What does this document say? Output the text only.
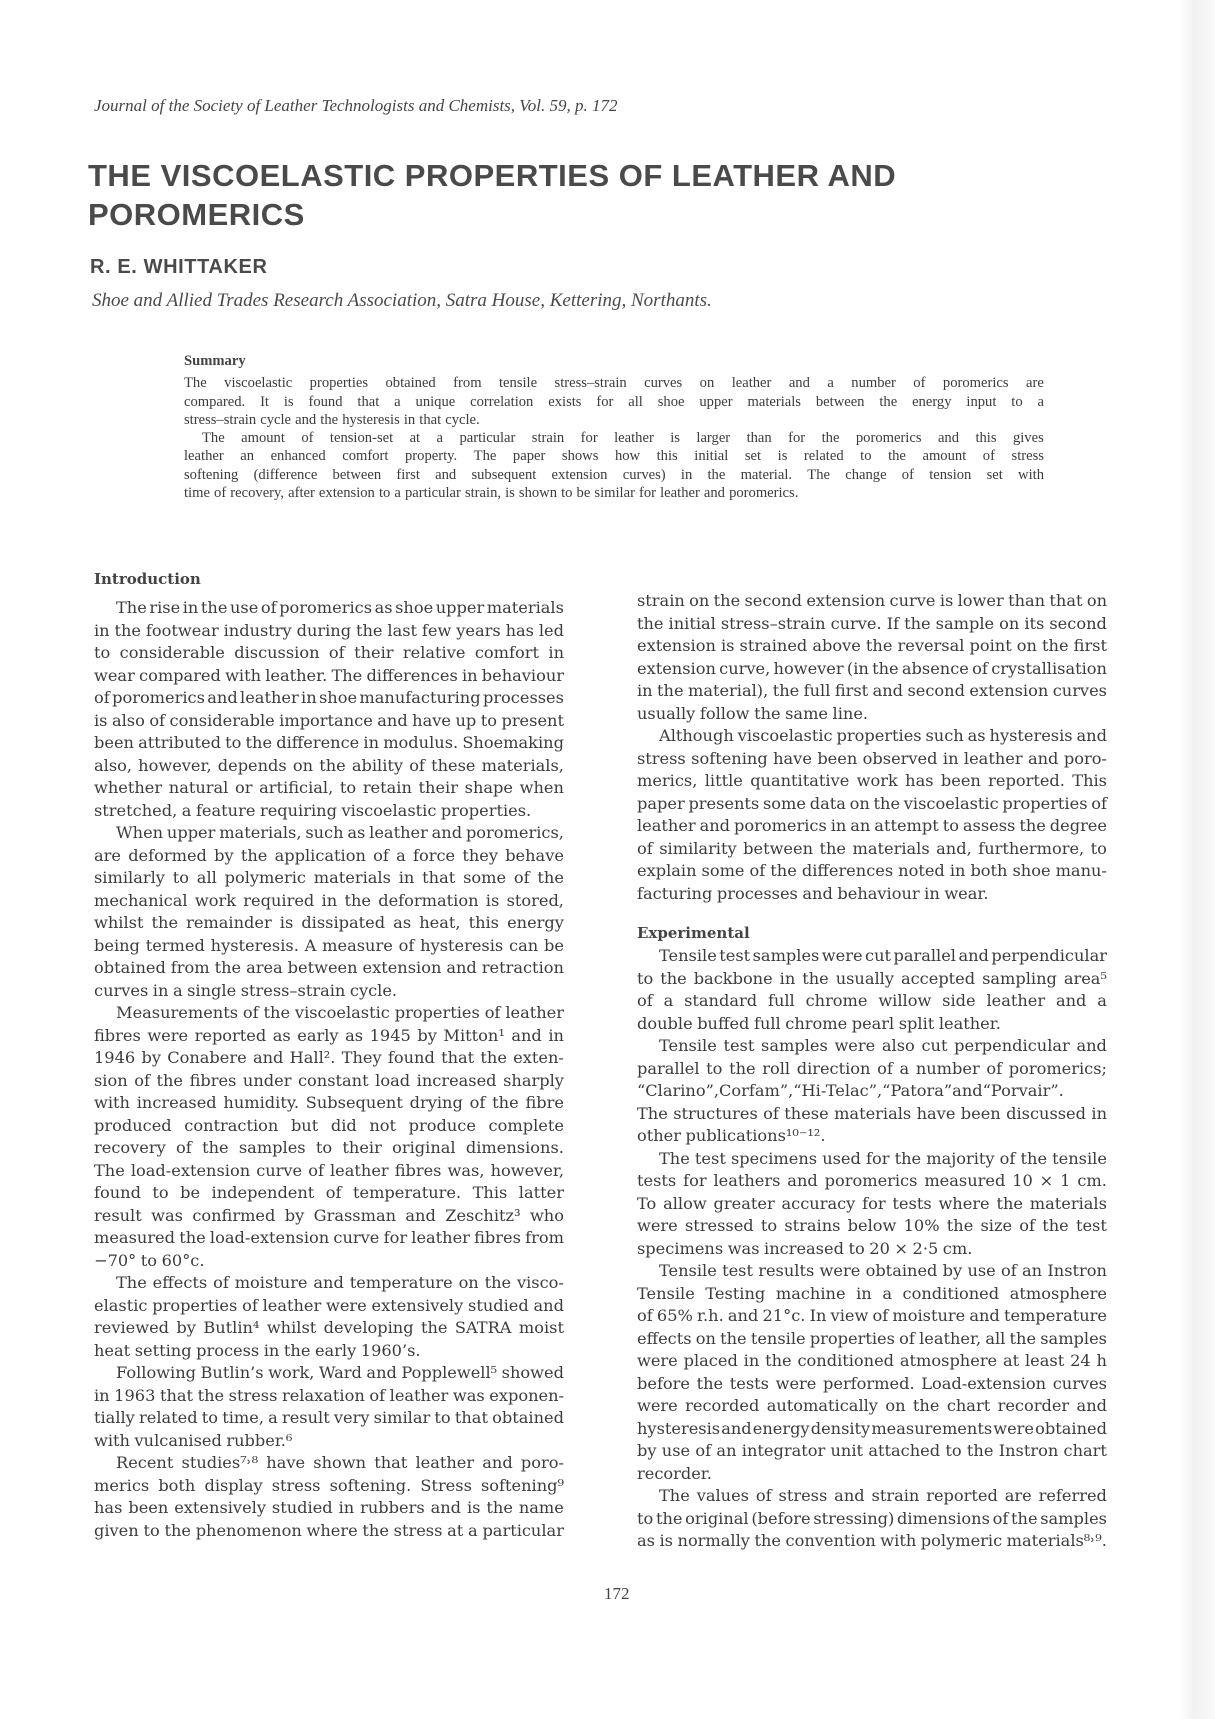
Journal of the Society of Leather Technologists and Chemists, Vol. 59, p. 172
THE VISCOELASTIC PROPERTIES OF LEATHER AND
POROMERICS
R. E. WHITTAKER
Shoe and Allied Trades Research Association, Satra House, Kettering, Northants.
Summary
The viscoelastic properties obtained from tensile stress–strain curves on leather and a number of poromerics are
compared. It is found that a unique correlation exists for all shoe upper materials between the energy input to a
stress–strain cycle and the hysteresis in that cycle.
The amount of tension-set at a particular strain for leather is larger than for the poromerics and this gives
leather an enhanced comfort property. The paper shows how this initial set is related to the amount of stress
softening (difference between first and subsequent extension curves) in the material. The change of tension set with
time of recovery, after extension to a particular strain, is shown to be similar for leather and poromerics.
Introduction
The rise in the use of poromerics as shoe upper materials
in the footwear industry during the last few years has led
to considerable discussion of their relative comfort in
wear compared with leather. The differences in behaviour
of poromerics and leather in shoe manufacturing processes
is also of considerable importance and have up to present
been attributed to the difference in modulus. Shoemaking
also, however, depends on the ability of these materials,
whether natural or artificial, to retain their shape when
stretched, a feature requiring viscoelastic properties.
When upper materials, such as leather and poromerics,
are deformed by the application of a force they behave
similarly to all polymeric materials in that some of the
mechanical work required in the deformation is stored,
whilst the remainder is dissipated as heat, this energy
being termed hysteresis. A measure of hysteresis can be
obtained from the area between extension and retraction
curves in a single stress–strain cycle.
Measurements of the viscoelastic properties of leather
fibres were reported as early as 1945 by Mitton¹ and in
1946 by Conabere and Hall². They found that the exten-
sion of the fibres under constant load increased sharply
with increased humidity. Subsequent drying of the fibre
produced contraction but did not produce complete
recovery of the samples to their original dimensions.
The load-extension curve of leather fibres was, however,
found to be independent of temperature. This latter
result was confirmed by Grassman and Zeschitz³ who
measured the load-extension curve for leather fibres from
−70° to 60°c.
The effects of moisture and temperature on the visco-
elastic properties of leather were extensively studied and
reviewed by Butlin⁴ whilst developing the SATRA moist
heat setting process in the early 1960’s.
Following Butlin’s work, Ward and Popplewell⁵ showed
in 1963 that the stress relaxation of leather was exponen-
tially related to time, a result very similar to that obtained
with vulcanised rubber.⁶
Recent studies⁷˒⁸ have shown that leather and poro-
merics both display stress softening. Stress softening⁹
has been extensively studied in rubbers and is the name
given to the phenomenon where the stress at a particular
strain on the second extension curve is lower than that on
the initial stress–strain curve. If the sample on its second
extension is strained above the reversal point on the first
extension curve, however (in the absence of crystallisation
in the material), the full first and second extension curves
usually follow the same line.
Although viscoelastic properties such as hysteresis and
stress softening have been observed in leather and poro-
merics, little quantitative work has been reported. This
paper presents some data on the viscoelastic properties of
leather and poromerics in an attempt to assess the degree
of similarity between the materials and, furthermore, to
explain some of the differences noted in both shoe manu-
facturing processes and behaviour in wear.
Experimental
Tensile test samples were cut parallel and perpendicular
to the backbone in the usually accepted sampling area⁵
of a standard full chrome willow side leather and a
double buffed full chrome pearl split leather.
Tensile test samples were also cut perpendicular and
parallel to the roll direction of a number of poromerics;
“Clarino”,Corfam”,“Hi-Telac”,“Patora”and“Porvair”.
The structures of these materials have been discussed in
other publications¹⁰⁻¹².
The test specimens used for the majority of the tensile
tests for leathers and poromerics measured 10 × 1 cm.
To allow greater accuracy for tests where the materials
were stressed to strains below 10% the size of the test
specimens was increased to 20 × 2·5 cm.
Tensile test results were obtained by use of an Instron
Tensile Testing machine in a conditioned atmosphere
of 65% r.h. and 21°c. In view of moisture and temperature
effects on the tensile properties of leather, all the samples
were placed in the conditioned atmosphere at least 24 h
before the tests were performed. Load-extension curves
were recorded automatically on the chart recorder and
hysteresis and energy density measurements were obtained
by use of an integrator unit attached to the Instron chart
recorder.
The values of stress and strain reported are referred
to the original (before stressing) dimensions of the samples
as is normally the convention with polymeric materials⁸˒⁹.
172
